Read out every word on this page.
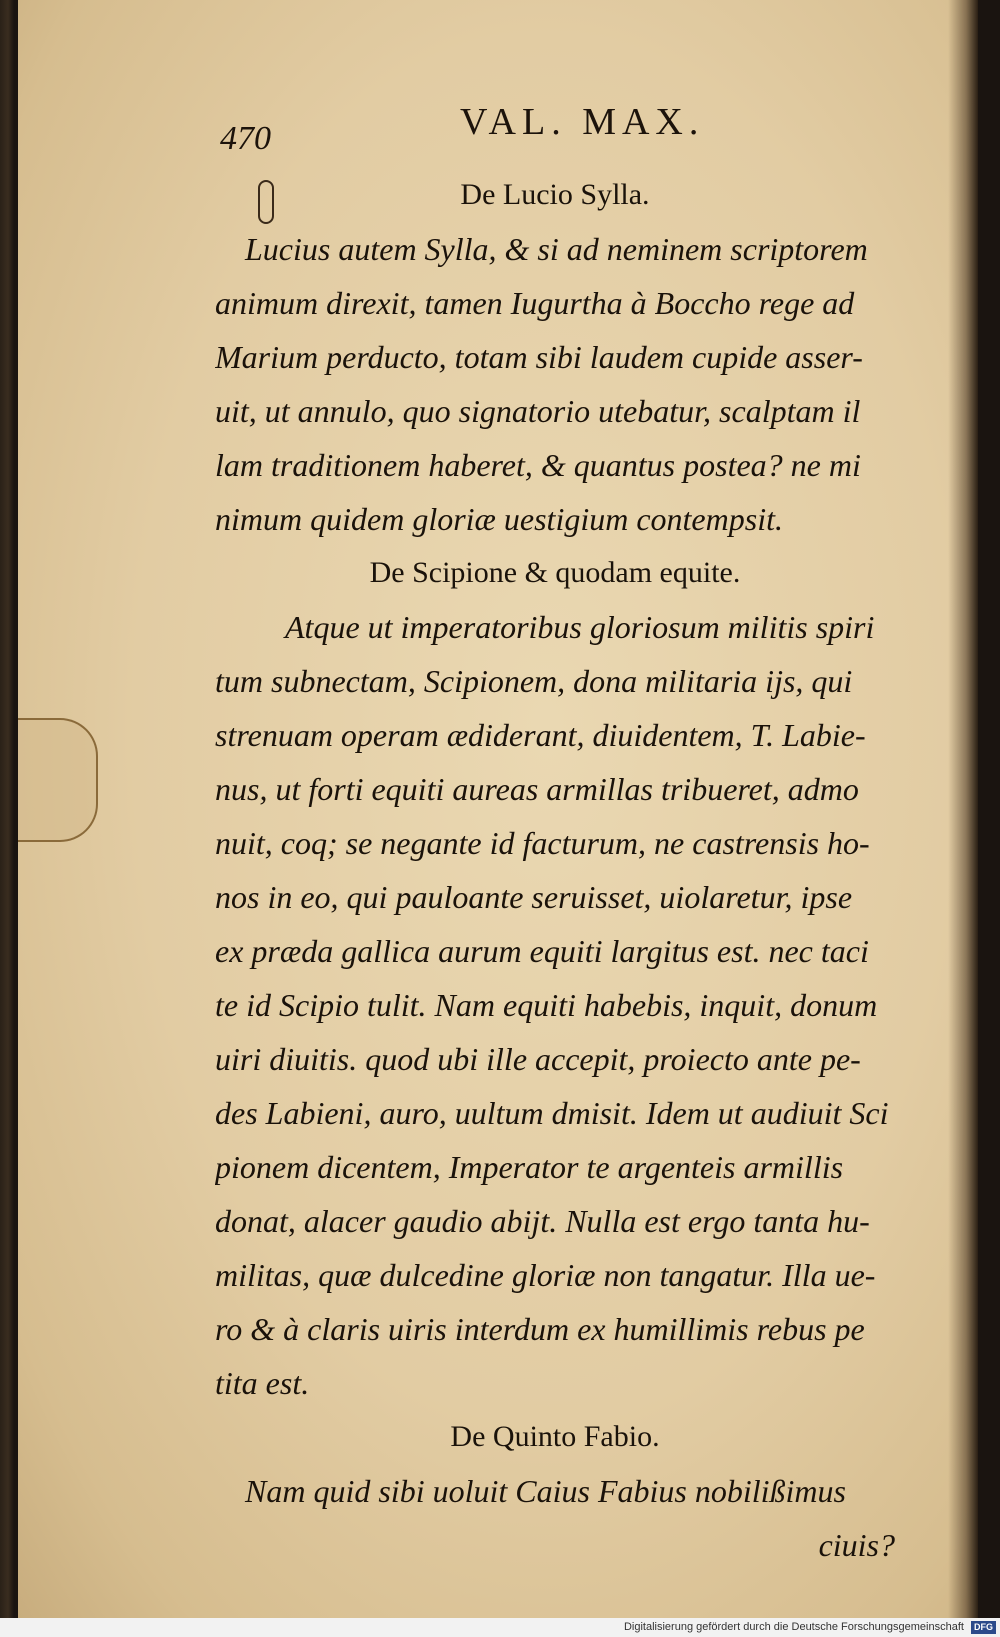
470	VAL. MAX.
De Lucio Sylla.
Lucius autem Sylla, & si ad neminem scriptorem
animum direxit, tamen Iugurtha à Boccho rege ad
Marium perducto, totam sibi laudem cupide asser-
uit, ut annulo, quo signatorio utebatur, scalptam il
lam traditionem haberet, & quantus postea? ne mi
nimum quidem gloriæ uestigium contempsit.
De Scipione & quodam equite.
Atque ut imperatoribus gloriosum militis spiri
tum subnectam, Scipionem, dona militaria ijs, qui
strenuam operam ædiderant, diuidentem, T. Labie-
nus, ut forti equiti aureas armillas tribueret, admo
nuit, coq; se negante id facturum, ne castrensis ho-
nos in eo, qui pauloante seruisset, uiolaretur, ipse
ex præda gallica aurum equiti largitus est. nec taci
te id Scipio tulit. Nam equiti habebis, inquit, donum
uiri diuitis. quod ubi ille accepit, proiecto ante pe-
des Labieni, auro, uultum dmisit. Idem ut audiuit Sci
pionem dicentem, Imperator te argenteis armillis
donat, alacer gaudio abijt. Nulla est ergo tanta hu-
militas, quæ dulcedine gloriæ non tangatur. Illa ue-
ro & à claris uiris interdum ex humillimis rebus pe
tita est.
De Quinto Fabio.
Nam quid sibi uoluit Caius Fabius nobilißimus
ciuis?
Digitalisierung gefördert durch die Deutsche Forschungsgemeinschaft DFG
